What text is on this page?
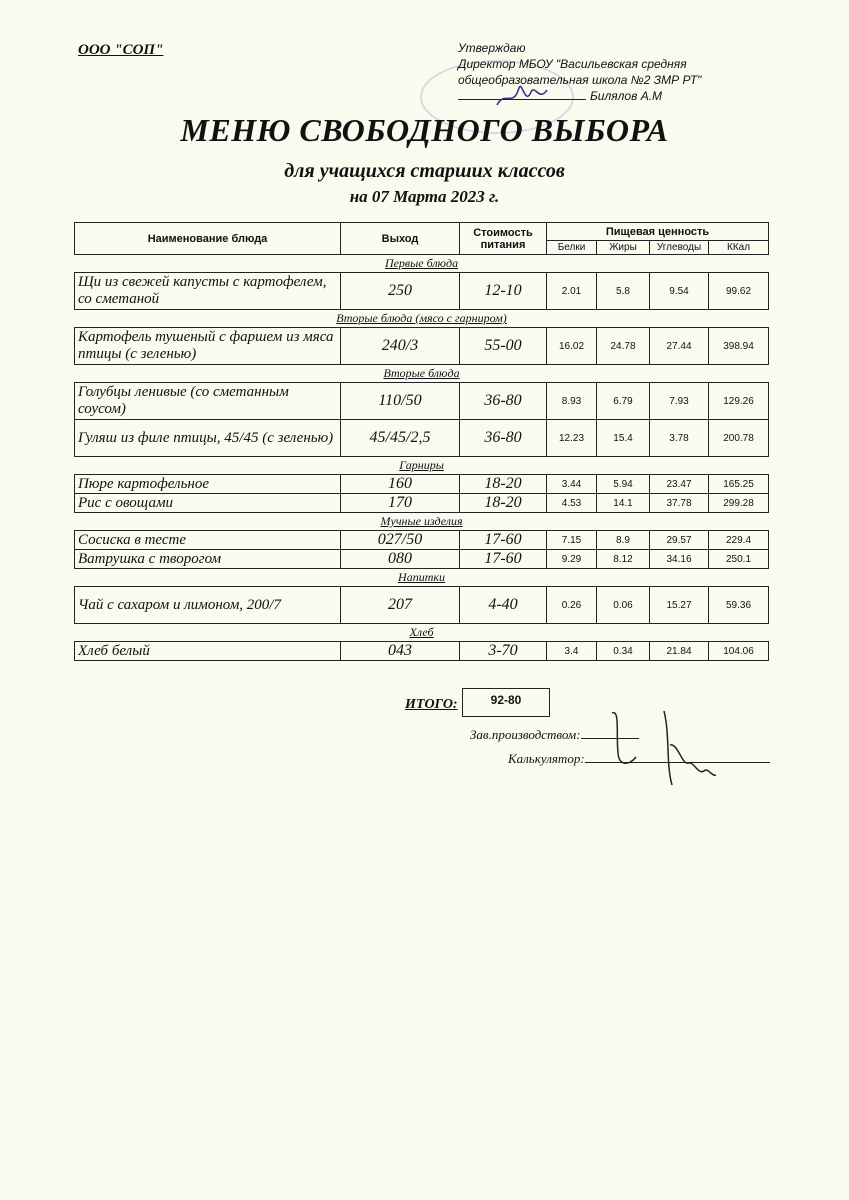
ООО "СОП"	Утверждаю
Директор МБОУ "Васильевская средняя
общеобразовательная школа №2 ЗМР РТ"
Билялов А.М
МЕНЮ СВОБОДНОГО ВЫБОРА
для учащихся старших классов
на 07 Марта 2023 г.
Наименование блюда	Выход	Стоимость питания	Пищевая ценность			
			Белки	Жиры	Углеводы	ККал
Первые блюда						
Щи из свежей капусты с картофелем, со сметаной	250	12-10	2.01	5.8	9.54	99.62
Вторые блюда (мясо с гарниром)						
Картофель тушеный с фаршем из мяса птицы (с зеленью)	240/3	55-00	16.02	24.78	27.44	398.94
Вторые блюда						
Голубцы ленивые (со сметанным соусом)	110/50	36-80	8.93	6.79	7.93	129.26
Гуляш из филе птицы, 45/45 (с зеленью)	45/45/2,5	36-80	12.23	15.4	3.78	200.78
Гарниры						
Пюре картофельное	160	18-20	3.44	5.94	23.47	165.25
Рис с овощами	170	18-20	4.53	14.1	37.78	299.28
Мучные изделия						
Сосиска в тесте	027/50	17-60	7.15	8.9	29.57	229.4
Ватрушка с творогом	080	17-60	9.29	8.12	34.16	250.1
Напитки						
Чай с сахаром и лимоном, 200/7	207	4-40	0.26	0.06	15.27	59.36
Хлеб						
Хлеб белый	043	3-70	3.4	0.34	21.84	104.06
ИТОГО:	92-80
Зав.производством:
Калькулятор:
